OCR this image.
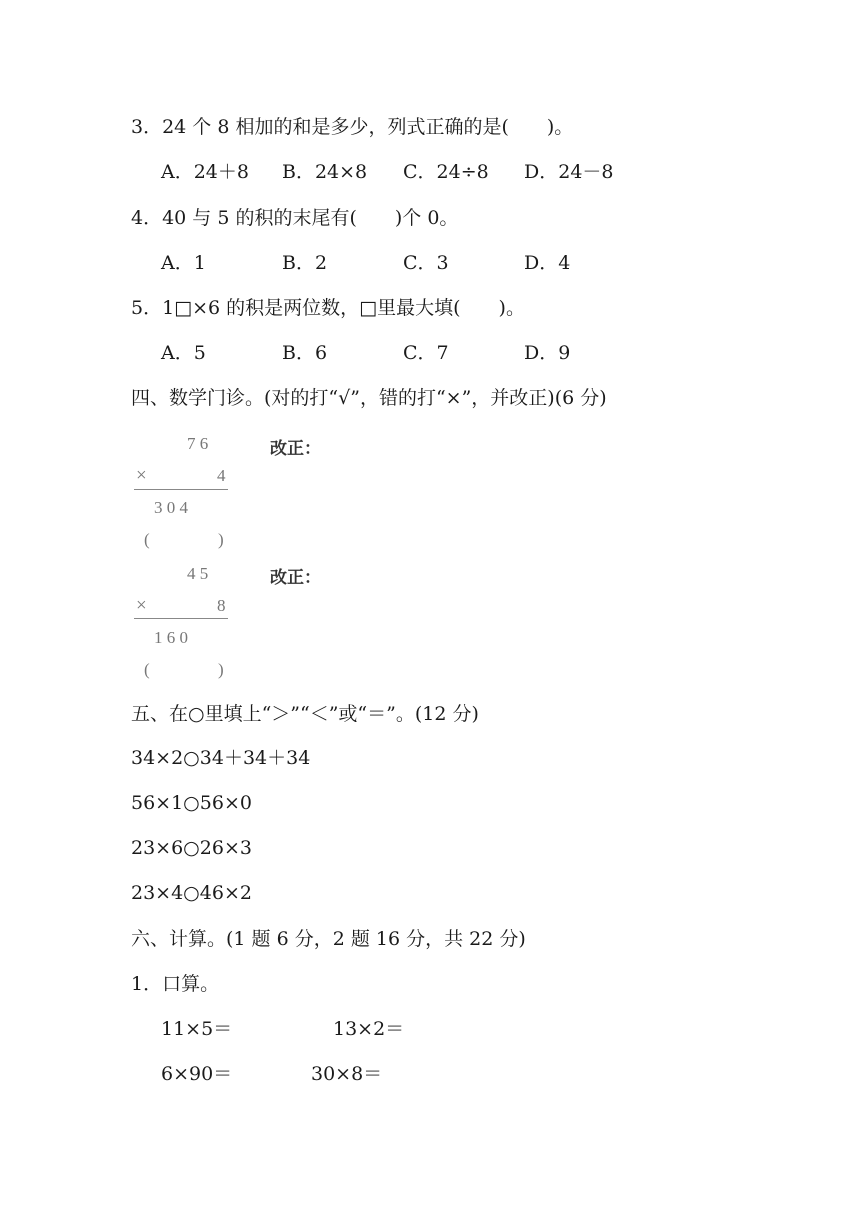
3．24 个 8 相加的和是多少，列式正确的是(　　)。
A．24＋8 B．24×8 C．24÷8 D．24－8
4．40 与 5 的积的末尾有(　　)个 0。
A．1	B．2	C．3	D．4
5．1□×6 的积是两位数，□里最大填(　　)。
A．5	B．6	C．7	D．9
四、数学门诊。(对的打“√”，错的打“×”，并改正)(6 分)
7 6
×	4
3 0 4
(	)
改正：
4 5
×	8
1 6 0
(	)
改正：
五、在○里填上“＞”“＜”或“＝”。(12 分)
34×2○34＋34＋34
56×1○56×0
23×6○26×3
23×4○46×2
六、计算。(1 题 6 分，2 题 16 分，共 22 分)
1．口算。
11×5＝	13×2＝
6×90＝	30×8＝
